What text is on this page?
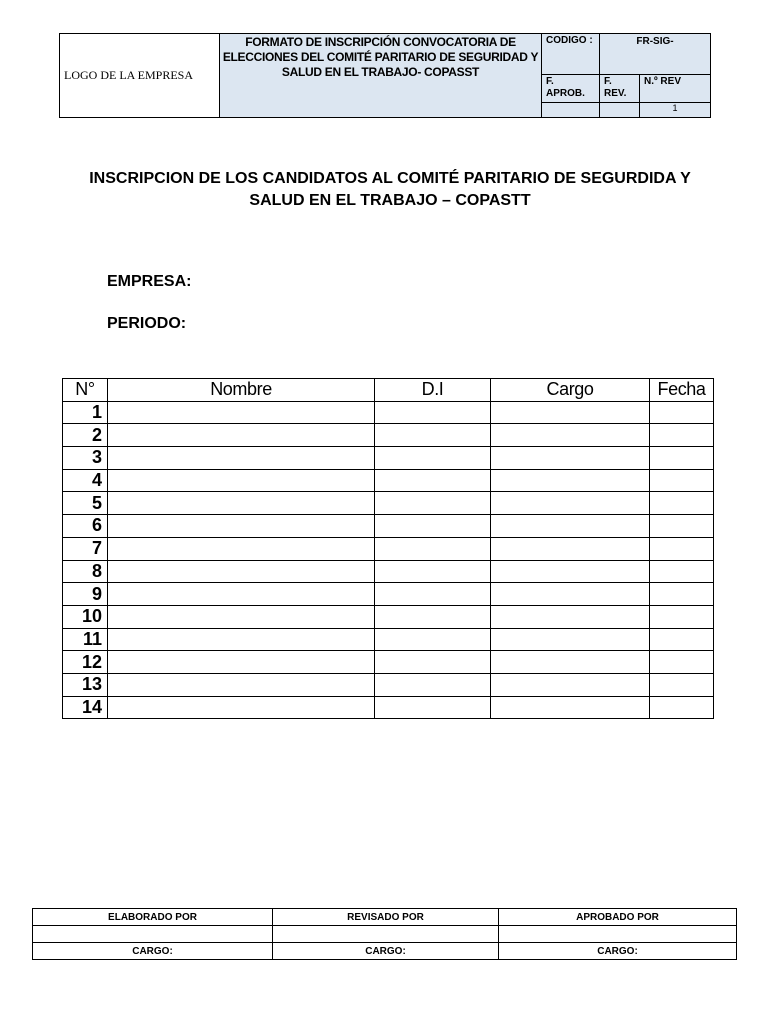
LOGO DE LA EMPRESA	FORMATO DE INSCRIPCIÓN CONVOCATORIA DE ELECCIONES DEL COMITÉ PARITARIO DE SEGURIDAD Y SALUD EN EL TRABAJO- COPASST	CODIGO :	FR-SIG-	
		F. APROB.	F. REV.	N.º REV
				1
INSCRIPCION DE LOS CANDIDATOS AL COMITÉ PARITARIO DE SEGURDIDA Y SALUD EN EL TRABAJO – COPASTT
EMPRESA:
PERIODO:
N°	Nombre	D.I	Cargo	Fecha
1				
2				
3				
4				
5				
6				
7				
8				
9				
10				
11				
12				
13				
14				
ELABORADO POR	REVISADO POR	APROBADO POR

CARGO:	CARGO:	CARGO:
